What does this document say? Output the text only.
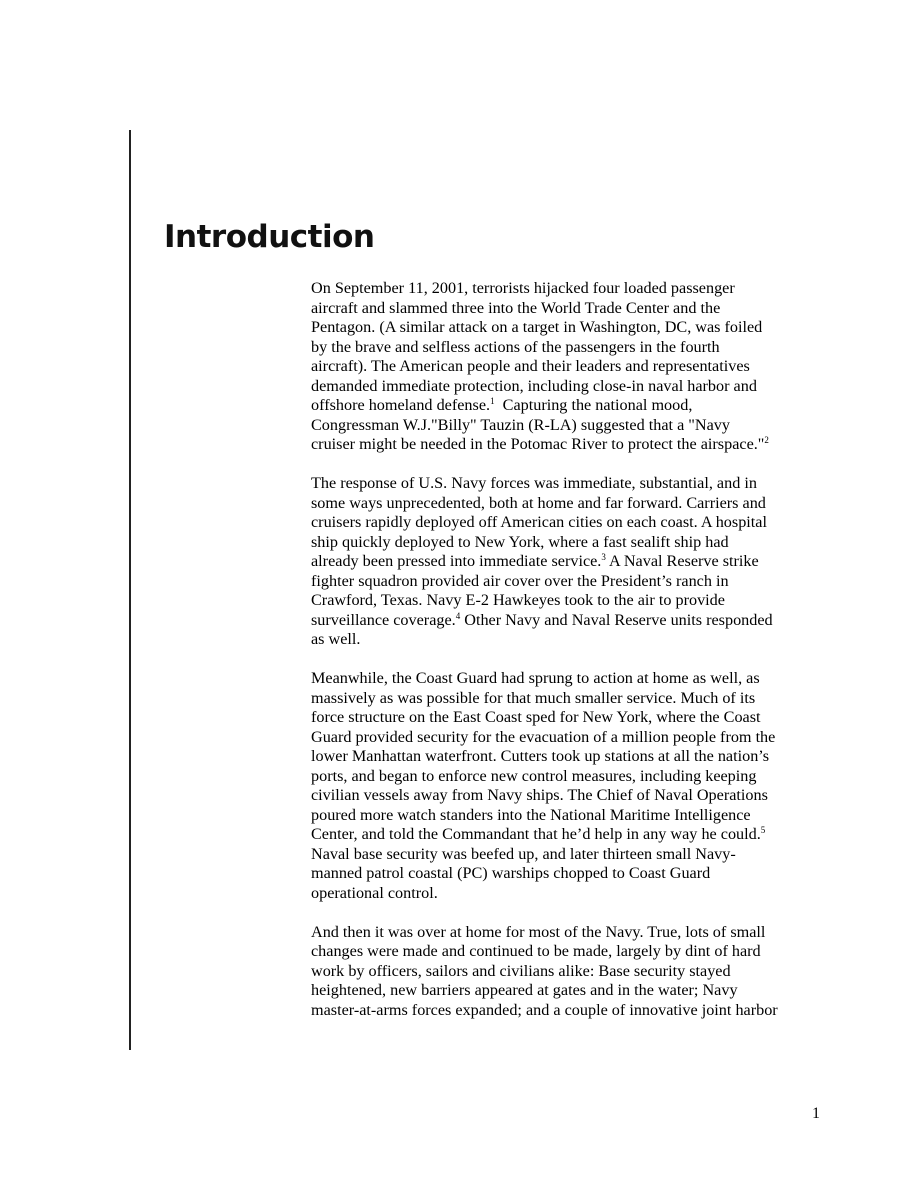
Introduction

On September 11, 2001, terrorists hijacked four loaded passenger
aircraft and slammed three into the World Trade Center and the
Pentagon. (A similar attack on a target in Washington, DC, was foiled
by the brave and selfless actions of the passengers in the fourth
aircraft). The American people and their leaders and representatives
demanded immediate protection, including close-in naval harbor and
offshore homeland defense.$^1$  Capturing the national mood,
Congressman W.J."Billy" Tauzin (R-LA) suggested that a "Navy
cruiser might be needed in the Potomac River to protect the airspace."$^2$

The response of U.S. Navy forces was immediate, substantial, and in
some ways unprecedented, both at home and far forward. Carriers and
cruisers rapidly deployed off American cities on each coast. A hospital
ship quickly deployed to New York, where a fast sealift ship had
already been pressed into immediate service.$^3$ A Naval Reserve strike
fighter squadron provided air cover over the President’s ranch in
Crawford, Texas. Navy E-2 Hawkeyes took to the air to provide
surveillance coverage.$^4$ Other Navy and Naval Reserve units responded
as well.

Meanwhile, the Coast Guard had sprung to action at home as well, as
massively as was possible for that much smaller service. Much of its
force structure on the East Coast sped for New York, where the Coast
Guard provided security for the evacuation of a million people from the
lower Manhattan waterfront. Cutters took up stations at all the nation’s
ports, and began to enforce new control measures, including keeping
civilian vessels away from Navy ships. The Chief of Naval Operations
poured more watch standers into the National Maritime Intelligence
Center, and told the Commandant that he’d help in any way he could.$^5$
Naval base security was beefed up, and later thirteen small Navy-
manned patrol coastal (PC) warships chopped to Coast Guard
operational control.

And then it was over at home for most of the Navy. True, lots of small
changes were made and continued to be made, largely by dint of hard
work by officers, sailors and civilians alike: Base security stayed
heightened, new barriers appeared at gates and in the water; Navy
master-at-arms forces expanded; and a couple of innovative joint harbor

1
